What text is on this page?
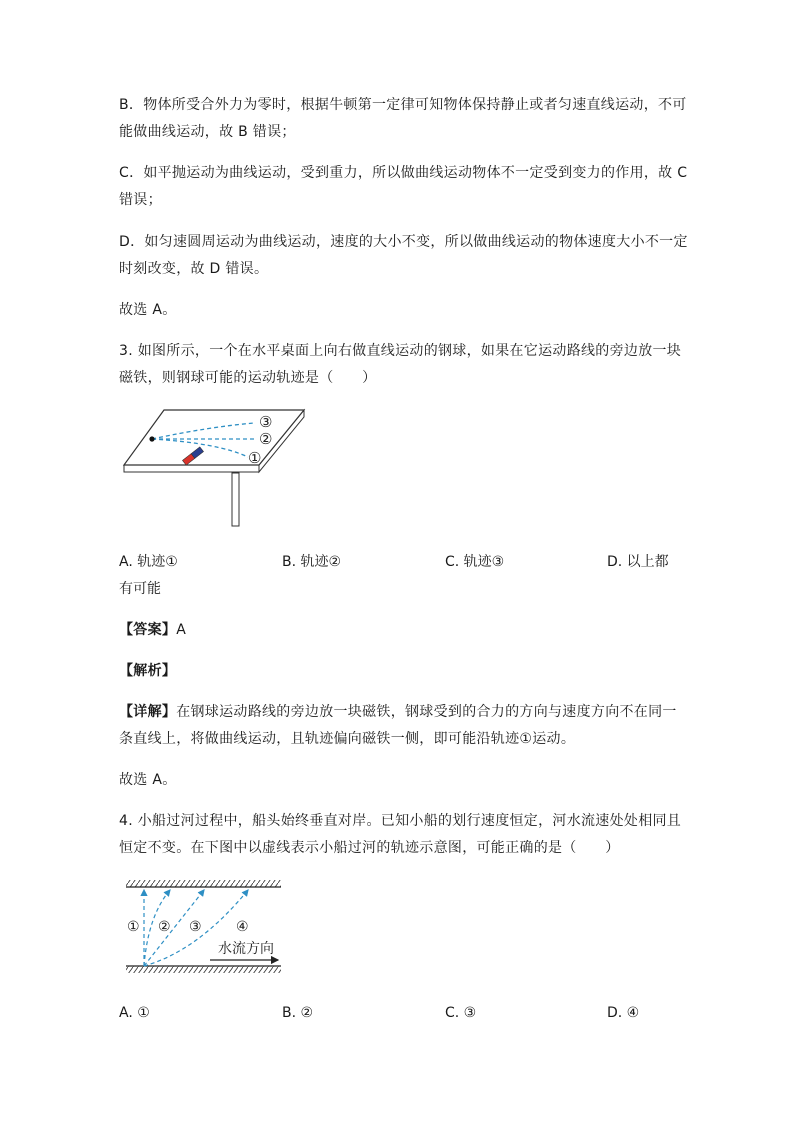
B．物体所受合外力为零时，根据牛顿第一定律可知物体保持静止或者匀速直线运动，不可
能做曲线运动，故 B 错误；
C．如平抛运动为曲线运动，受到重力，所以做曲线运动物体不一定受到变力的作用，故 C
错误；
D．如匀速圆周运动为曲线运动，速度的大小不变，所以做曲线运动的物体速度大小不一定
时刻改变，故 D 错误。
故选 A。
3. 如图所示，一个在水平桌面上向右做直线运动的钢球，如果在它运动路线的旁边放一块
磁铁，则钢球可能的运动轨迹是（　　）
③
②
①
A. 轨迹①	B. 轨迹②	C. 轨迹③	D. 以上都
有可能
【答案】A
【解析】
【详解】在钢球运动路线的旁边放一块磁铁，钢球受到的合力的方向与速度方向不在同一
条直线上，将做曲线运动，且轨迹偏向磁铁一侧，即可能沿轨迹①运动。
故选 A。
4. 小船过河过程中，船头始终垂直对岸。已知小船的划行速度恒定，河水流速处处相同且
恒定不变。在下图中以虚线表示小船过河的轨迹示意图，可能正确的是（　　）
① ② ③ ④
水流方向
A. ①	B. ②	C. ③	D. ④
